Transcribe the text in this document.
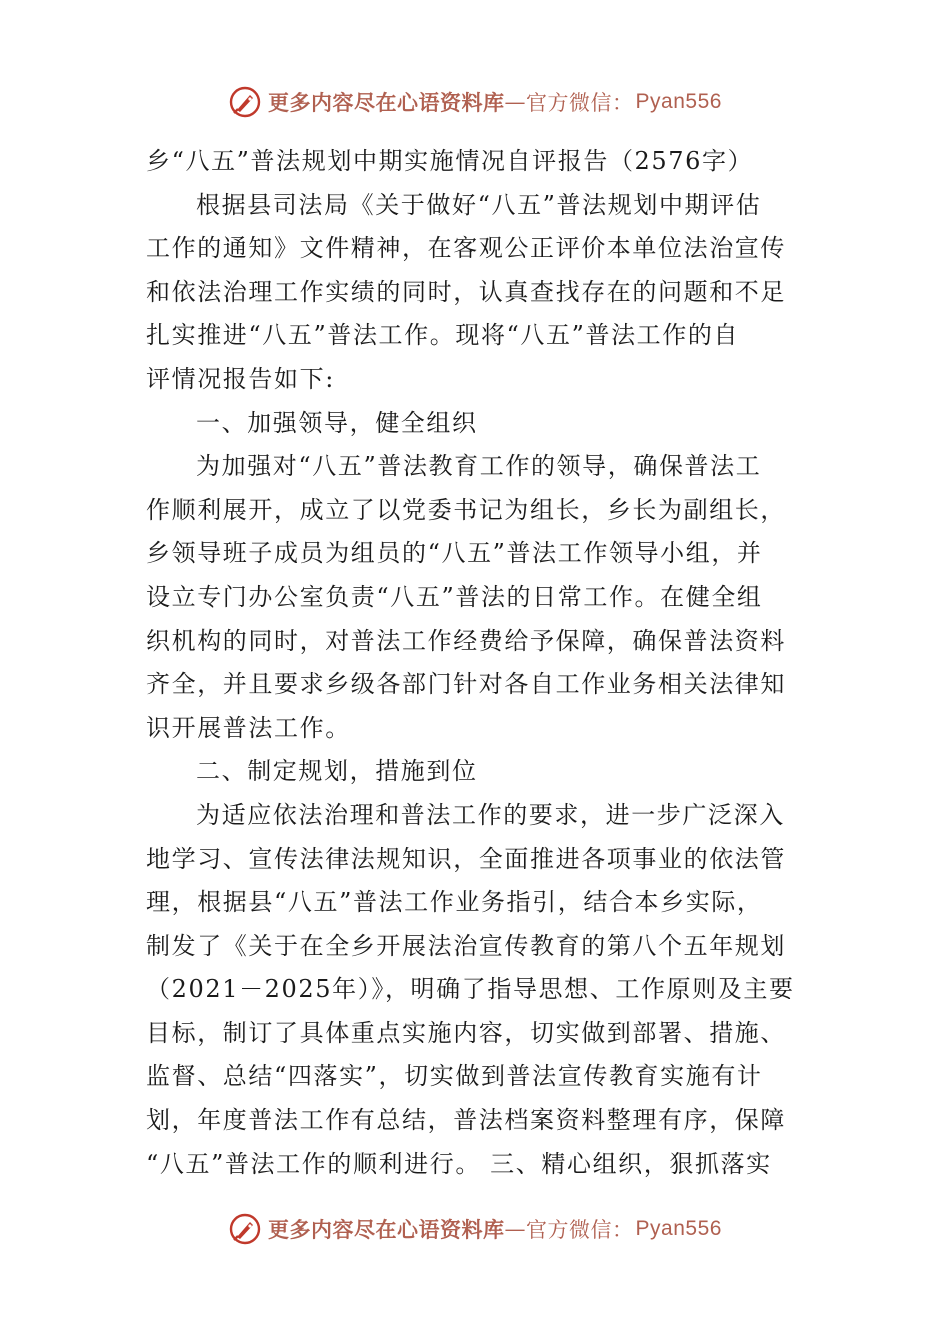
更多内容尽在心语资料库 — 官方微信： Pyan556
乡“八五”普法规划中期实施情况自评报告（2576字）
根据县司法局《关于做好“八五”普法规划中期评估
工作的通知》文件精神，在客观公正评价本单位法治宣传
和依法治理工作实绩的同时，认真查找存在的问题和不足
扎实推进“八五”普法工作。现将“八五”普法工作的自
评情况报告如下:
一、加强领导，健全组织
为加强对“八五”普法教育工作的领导，确保普法工
作顺利展开，成立了以党委书记为组长，乡长为副组长，
乡领导班子成员为组员的“八五”普法工作领导小组，并
设立专门办公室负责“八五”普法的日常工作。在健全组
织机构的同时，对普法工作经费给予保障，确保普法资料
齐全，并且要求乡级各部门针对各自工作业务相关法律知
识开展普法工作。
二、制定规划，措施到位
为适应依法治理和普法工作的要求，进一步广泛深入
地学习、宣传法律法规知识，全面推进各项事业的依法管
理，根据县“八五”普法工作业务指引，结合本乡实际，
制发了《关于在全乡开展法治宣传教育的第八个五年规划
（2021－2025年）》，明确了指导思想、工作原则及主要
目标，制订了具体重点实施内容，切实做到部署、措施、
监督、总结“四落实”，切实做到普法宣传教育实施有计
划，年度普法工作有总结，普法档案资料整理有序，保障
“八五”普法工作的顺利进行。 三、精心组织，狠抓落实
更多内容尽在心语资料库 — 官方微信： Pyan556
